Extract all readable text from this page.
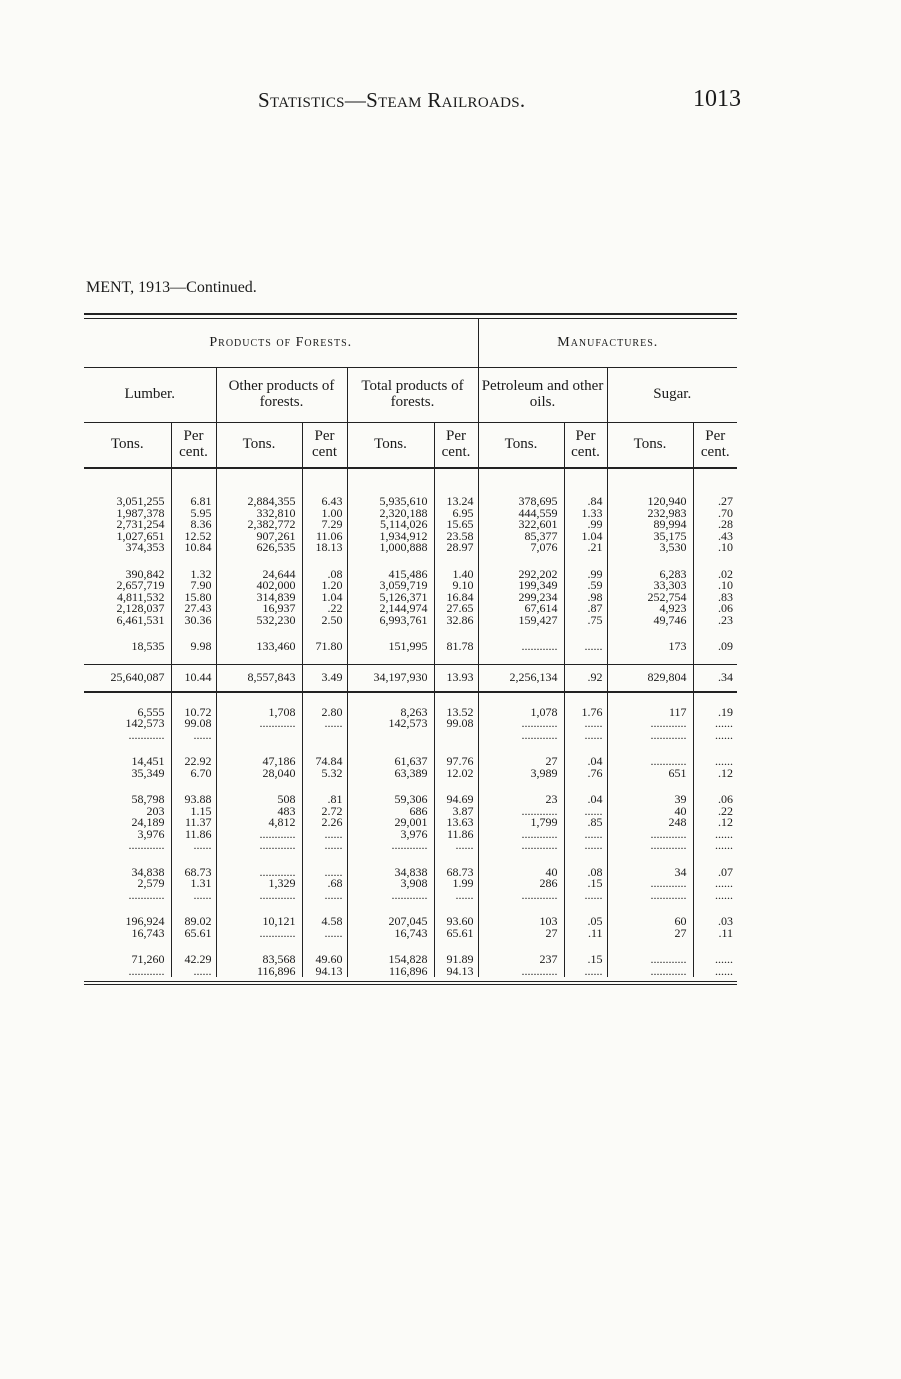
Statistics—Steam Railroads.	1013
MENT, 1913—Continued.
Products of Forests.						Manufactures.			
Lumber.		Other products of forests.		Total products of forests.		Petroleum and other oils.		Sugar.	
Tons.	Per cent.	Tons.	Per cent	Tons.	Per cent.	Tons.	Per cent.	Tons.	Per cent.

3,051,255	6.81	2,884,355	6.43	5,935,610	13.24	378,695	.84	120,940	.27
1,987,378	5.95	332,810	1.00	2,320,188	6.95	444,559	1.33	232,983	.70
2,731,254	8.36	2,382,772	7.29	5,114,026	15.65	322,601	.99	89,994	.28
1,027,651	12.52	907,261	11.06	1,934,912	23.58	85,377	1.04	35,175	.43
374,353	10.84	626,535	18.13	1,000,888	28.97	7,076	.21	3,530	.10

390,842	1.32	24,644	.08	415,486	1.40	292,202	.99	6,283	.02
2,657,719	7.90	402,000	1.20	3,059,719	9.10	199,349	.59	33,303	.10
4,811,532	15.80	314,839	1.04	5,126,371	16.84	299,234	.98	252,754	.83
2,128,037	27.43	16,937	.22	2,144,974	27.65	67,614	.87	4,923	.06
6,461,531	30.36	532,230	2.50	6,993,761	32.86	159,427	.75	49,746	.23

18,535	9.98	133,460	71.80	151,995	81.78	............	......	173	.09

25,640,087	10.44	8,557,843	3.49	34,197,930	13.93	2,256,134	.92	829,804	.34

6,555	10.72	1,708	2.80	8,263	13.52	1,078	1.76	117	.19
142,573	99.08	............	......	142,573	99.08	............	......	............	......
............	......					............	......	............	......

14,451	22.92	47,186	74.84	61,637	97.76	27	.04	............	......
35,349	6.70	28,040	5.32	63,389	12.02	3,989	.76	651	.12

58,798	93.88	508	.81	59,306	94.69	23	.04	39	.06
203	1.15	483	2.72	686	3.87	............	......	40	.22
24,189	11.37	4,812	2.26	29,001	13.63	1,799	.85	248	.12
3,976	11.86	............	......	3,976	11.86	............	......	............	......
............	......	............	......	............	......	............	......	............	......

34,838	68.73	............	......	34,838	68.73	40	.08	34	.07
2,579	1.31	1,329	.68	3,908	1.99	286	.15	............	......
............	......	............	......	............	......	............	......	............	......

196,924	89.02	10,121	4.58	207,045	93.60	103	.05	60	.03
16,743	65.61	............	......	16,743	65.61	27	.11	27	.11

71,260	42.29	83,568	49.60	154,828	91.89	237	.15	............	......
............	......	116,896	94.13	116,896	94.13	............	......	............	......
